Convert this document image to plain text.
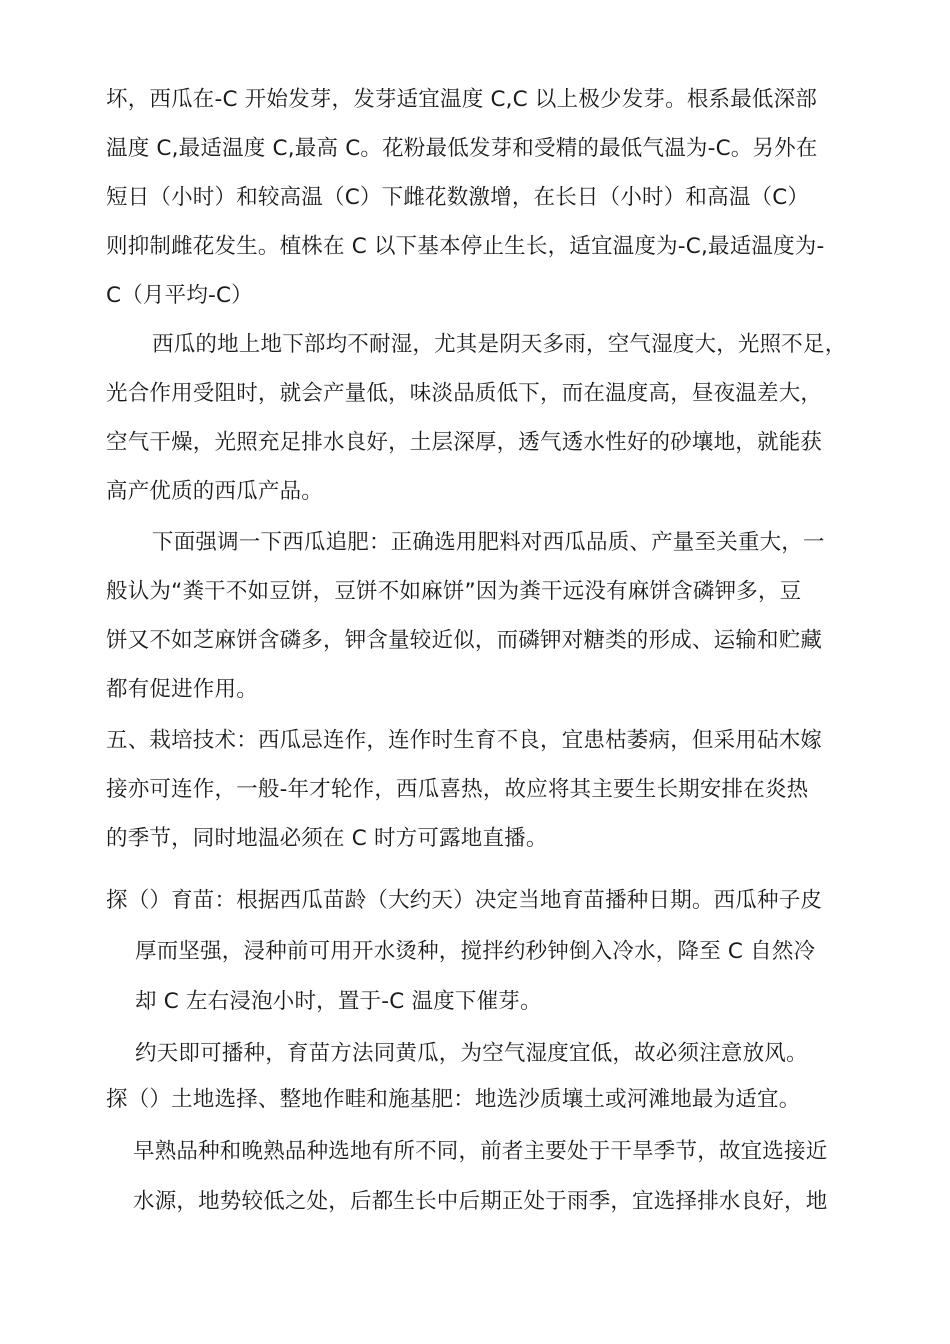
坏，西瓜在-C 开始发芽，发芽适宜温度 C,C 以上极少发芽。根系最低深部
温度 C,最适温度 C,最高 C。花粉最低发芽和受精的最低气温为-C。另外在
短日（小时）和较高温（C）下雌花数激增，在长日（小时）和高温（C）
则抑制雌花发生。植株在 C 以下基本停止生长，适宜温度为-C,最适温度为-
C（月平均-C）
西瓜的地上地下部均不耐湿，尤其是阴天多雨，空气湿度大，光照不足，
光合作用受阻时，就会产量低，味淡品质低下，而在温度高，昼夜温差大，
空气干燥，光照充足排水良好，土层深厚，透气透水性好的砂壤地，就能获
高产优质的西瓜产品。
下面强调一下西瓜追肥：正确选用肥料对西瓜品质、产量至关重大，一
般认为“粪干不如豆饼，豆饼不如麻饼”因为粪干远没有麻饼含磷钾多，豆
饼又不如芝麻饼含磷多，钾含量较近似，而磷钾对糖类的形成、运输和贮藏
都有促进作用。
五、栽培技术：西瓜忌连作，连作时生育不良，宜患枯萎病，但采用砧木嫁
接亦可连作，一般-年才轮作，西瓜喜热，故应将其主要生长期安排在炎热
的季节，同时地温必须在 C 时方可露地直播。
探（）育苗：根据西瓜苗龄（大约天）决定当地育苗播种日期。西瓜种子皮
厚而坚强，浸种前可用开水烫种，搅拌约秒钟倒入冷水，降至 C 自然冷
却 C 左右浸泡小时，置于-C 温度下催芽。
约天即可播种，育苗方法同黄瓜，为空气湿度宜低，故必须注意放风。
探（）土地选择、整地作畦和施基肥：地选沙质壤土或河滩地最为适宜。
早熟品种和晚熟品种选地有所不同，前者主要处于干旱季节，故宜选接近
水源，地势较低之处，后都生长中后期正处于雨季，宜选择排水良好，地
